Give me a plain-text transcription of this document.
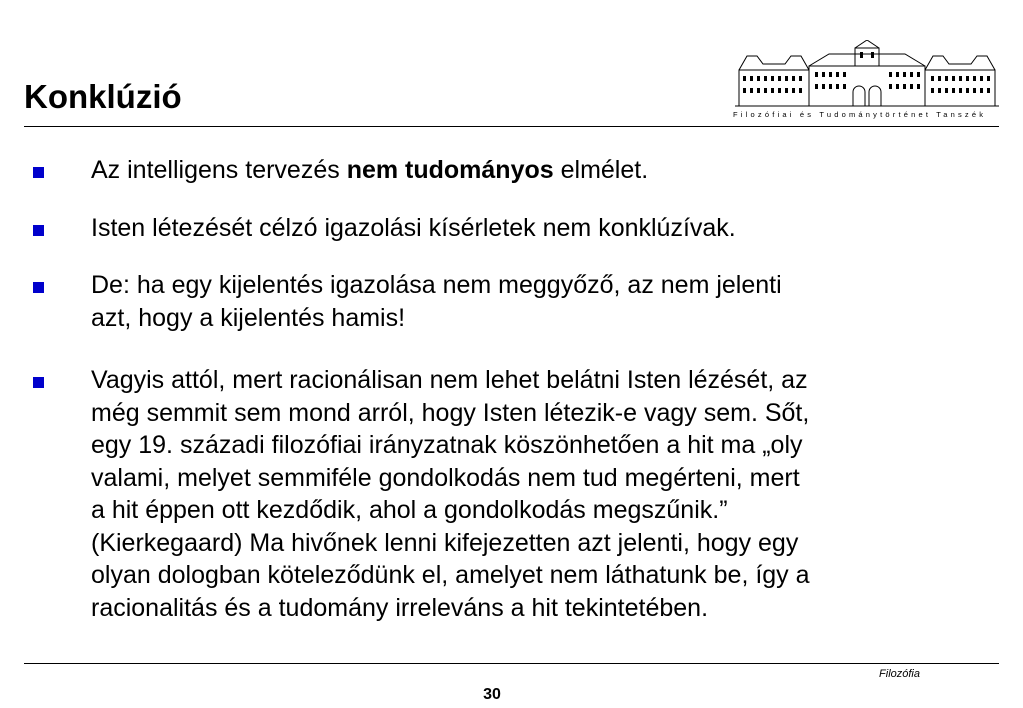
Konklúzió	Filozófiai és Tudománytörténet Tanszék
Az intelligens tervezés nem tudományos elmélet.
Isten létezését célzó igazolási kísérletek nem konklúzívak.
De: ha egy kijelentés igazolása nem meggyőző, az nem jelenti
azt, hogy a kijelentés hamis!
Vagyis attól, mert racionálisan nem lehet belátni Isten lézését, az
még semmit sem mond arról, hogy Isten létezik-e vagy sem. Sőt,
egy 19. századi filozófiai irányzatnak köszönhetően a hit ma „oly
valami, melyet semmiféle gondolkodás nem tud megérteni, mert
a hit éppen ott kezdődik, ahol a gondolkodás megszűnik.”
(Kierkegaard) Ma hivőnek lenni kifejezetten azt jelenti, hogy egy
olyan dologban köteleződünk el, amelyet nem láthatunk be, így a
racionalitás és a tudomány irreleváns a hit tekintetében.
Filozófia
30
